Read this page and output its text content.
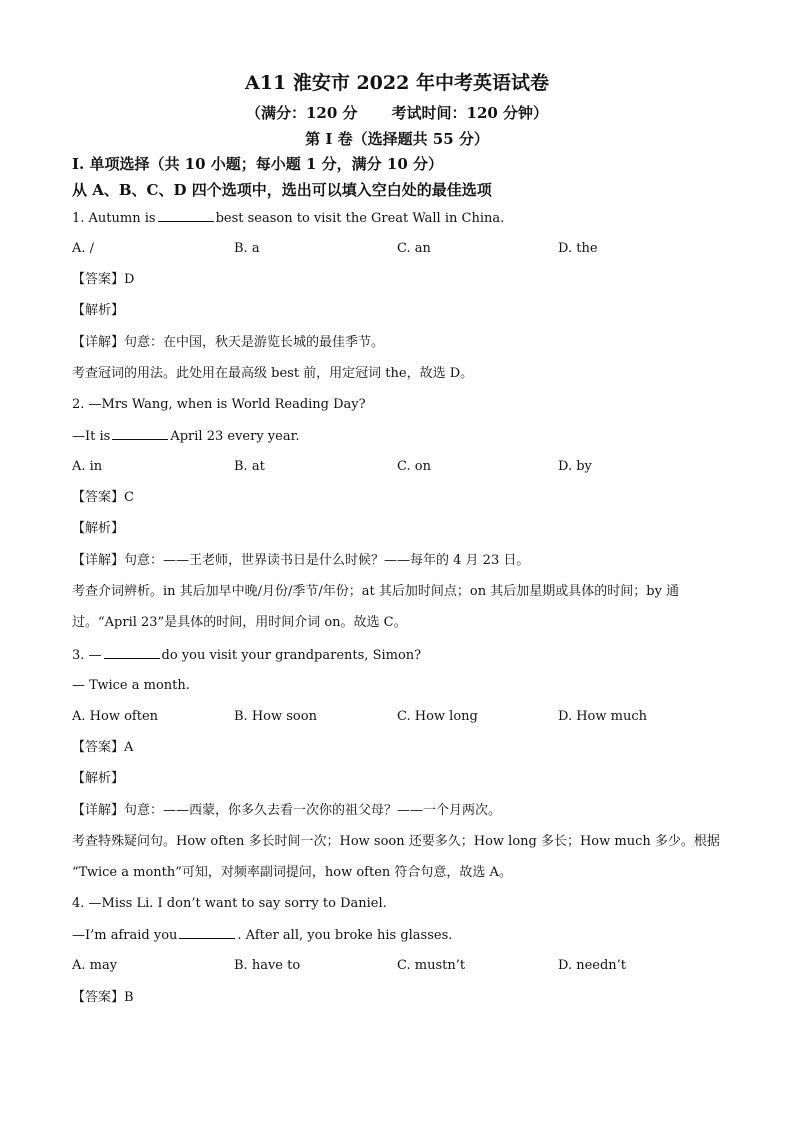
A11 淮安市 2022 年中考英语试卷
（满分：120 分 考试时间：120 分钟）
第 I 卷（选择题共 55 分）
Ⅰ. 单项选择（共 10 小题；每小题 1 分，满分 10 分）
从 A、B、C、D 四个选项中，选出可以填入空白处的最佳选项
1. Autumn is	best season to visit the Great Wall in China.
A. /	B. a	C. an	D. the
【答案】D
【解析】
【详解】句意：在中国，秋天是游览长城的最佳季节。
考查冠词的用法。此处用在最高级 best 前，用定冠词 the，故选 D。
2. —Mrs Wang, when is World Reading Day?
—It is	April 23 every year.
A. in	B. at	C. on	D. by
【答案】C
【解析】
【详解】句意：——王老师，世界读书日是什么时候？——每年的 4 月 23 日。
考查介词辨析。in 其后加早中晚/月份/季节/年份；at 其后加时间点；on 其后加星期或具体的时间；by 通
过。“April 23”是具体的时间，用时间介词 on。故选 C。
3. —	do you visit your grandparents, Simon?
— Twice a month.
A. How often	B. How soon	C. How long	D. How much
【答案】A
【解析】
【详解】句意：——西蒙，你多久去看一次你的祖父母？——一个月两次。
考查特殊疑问句。How often 多长时间一次；How soon 还要多久；How long 多长；How much 多少。根据
“Twice a month”可知，对频率副词提问，how often 符合句意，故选 A。
4. —Miss Li. I don’t want to say sorry to Daniel.
—I’m afraid you	. After all, you broke his glasses.
A. may	B. have to	C. mustn’t	D. needn’t
【答案】B
